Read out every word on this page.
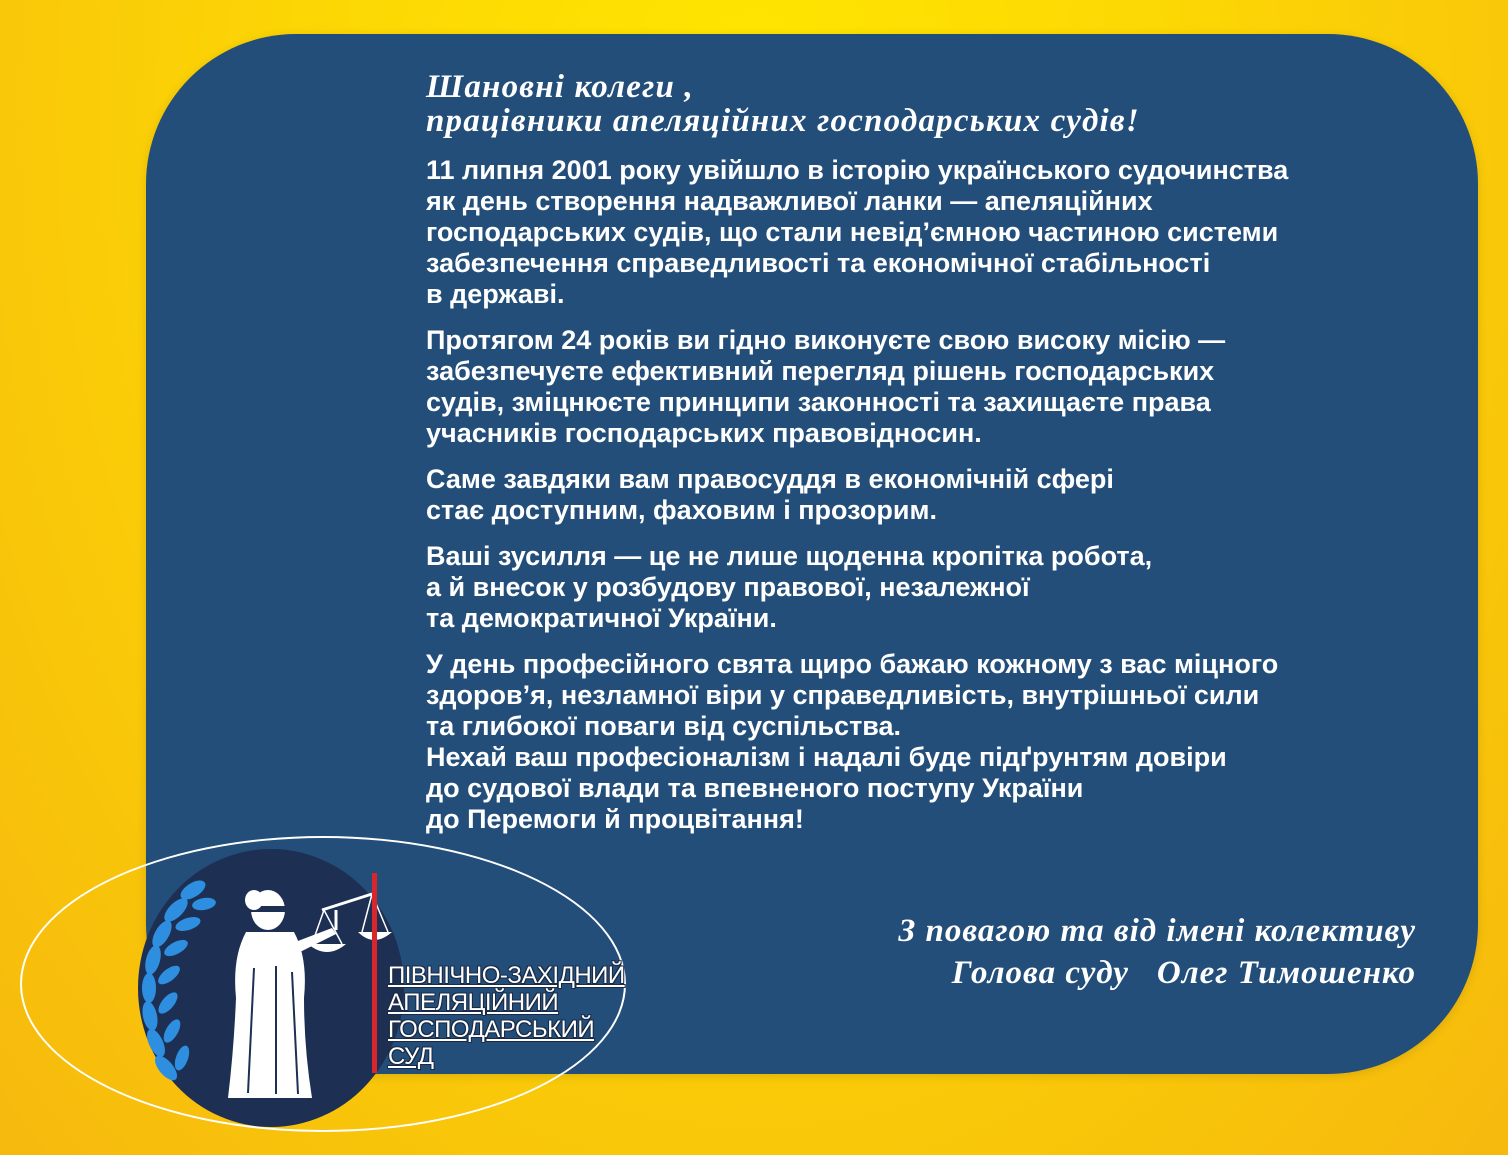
Шановні колеги ,
працівники апеляційних господарських судів!
11 липня 2001 року увійшло в історію українського судочинства
як день створення надважливої ланки — апеляційних
господарських судів, що стали невід’ємною частиною системи
забезпечення справедливості та економічної стабільності
в державі.
Протягом 24 років ви гідно виконуєте свою високу місію —
забезпечуєте ефективний перегляд рішень господарських
судів, зміцнюєте принципи законності та захищаєте права
учасників господарських правовідносин.
Саме завдяки вам правосуддя в економічній сфері
стає доступним, фаховим і прозорим.
Ваші зусилля — це не лише щоденна кропітка робота,
а й внесок у розбудову правової, незалежної
та демократичної України.
У день професійного свята щиро бажаю кожному з вас міцного
здоров’я, незламної віри у справедливість, внутрішньої сили
та глибокої поваги від суспільства.
Нехай ваш професіоналізм і надалі буде підґрунтям довіри
до судової влади та впевненого поступу України
до Перемоги й процвітання!
З повагою та від імені колективу
Голова суду Олег Тимошенко
ПІВНІЧНО-ЗАХІДНИЙ
АПЕЛЯЦІЙНИЙ
ГОСПОДАРСЬКИЙ
СУД
